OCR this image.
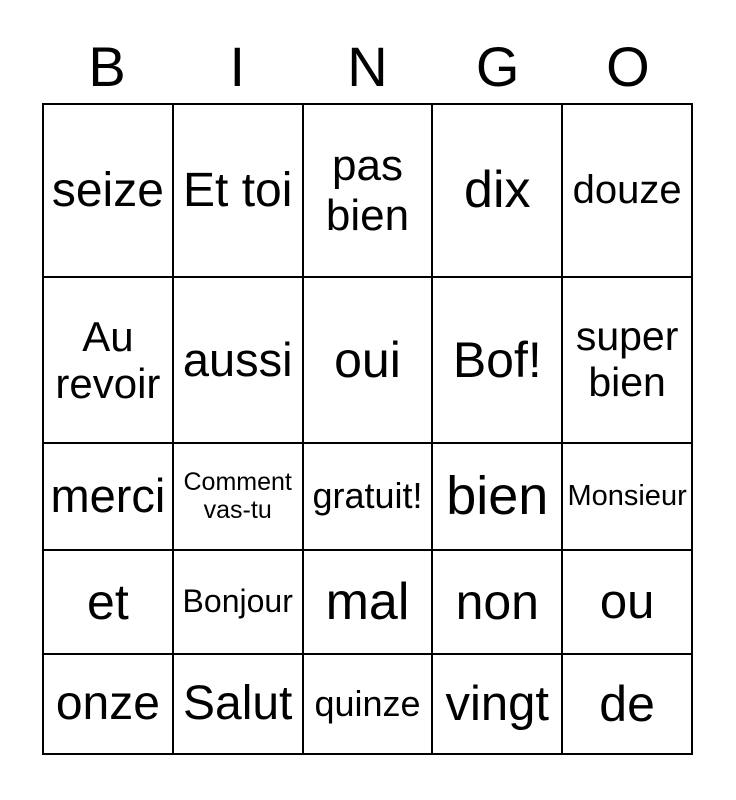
B	I	N	G	O
seize	Et toi	pas bien	dix	douze
Au revoir	aussi	oui	Bof!	super bien
merci	Comment vas-tu	gratuit!	bien	Monsieur
et	Bonjour	mal	non	ou
onze	Salut	quinze	vingt	de
